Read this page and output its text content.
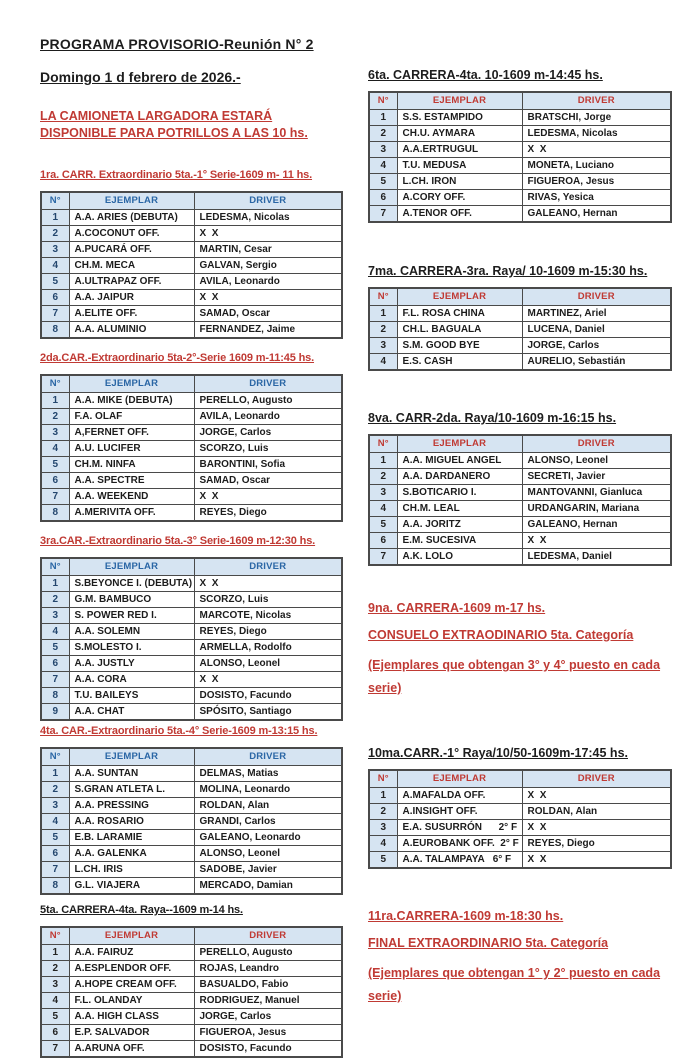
PROGRAMA PROVISORIO-Reunión N° 2
Domingo 1 d febrero de 2026.-

LA CAMIONETA LARGADORA ESTARÁ DISPONIBLE PARA POTRILLOS A LAS 10 hs.

1ra. CARR. Extraordinario 5ta.-1° Serie-1609 m- 11 hs.
N°	EJEMPLAR	DRIVER
1	A.A. ARIES (DEBUTA)	LEDESMA, Nicolas
2	A.COCONUT OFF.	X  X
3	A.PUCARÁ OFF.	MARTIN, Cesar
4	CH.M. MECA	GALVAN, Sergio
5	A.ULTRAPAZ OFF.	AVILA, Leonardo
6	A.A. JAIPUR	X  X
7	A.ELITE OFF.	SAMAD, Oscar
8	A.A. ALUMINIO	FERNANDEZ, Jaime
2da.CAR.-Extraordinario 5ta-2°-Serie 1609 m-11:45 hs.
N°	EJEMPLAR	DRIVER
1	A.A. MIKE (DEBUTA)	PERELLO, Augusto
2	F.A. OLAF	AVILA, Leonardo
3	A,FERNET OFF.	JORGE, Carlos
4	A.U. LUCIFER	SCORZO, Luis
5	CH.M. NINFA	BARONTINI, Sofia
6	A.A. SPECTRE	SAMAD, Oscar
7	A.A. WEEKEND	X  X
8	A.MERIVITA OFF.	REYES, Diego
3ra.CAR.-Extraordinario 5ta.-3° Serie-1609 m-12:30 hs.
N°	EJEMPLAR	DRIVER
1	S.BEYONCE I. (DEBUTA)	X  X
2	G.M. BAMBUCO	SCORZO, Luis
3	S. POWER RED I.	MARCOTE, Nicolas
4	A.A. SOLEMN	REYES, Diego
5	S.MOLESTO I.	ARMELLA, Rodolfo
6	A.A. JUSTLY	ALONSO, Leonel
7	A.A. CORA	X  X
8	T.U. BAILEYS	DOSISTO, Facundo
9	A.A. CHAT	SPÓSITO, Santiago
4ta. CAR.-Extraordinario 5ta.-4° Serie-1609 m-13:15 hs.
N°	EJEMPLAR	DRIVER
1	A.A. SUNTAN	DELMAS, Matias
2	S.GRAN ATLETA L.	MOLINA, Leonardo
3	A.A. PRESSING	ROLDAN, Alan
4	A.A. ROSARIO	GRANDI, Carlos
5	E.B. LARAMIE	GALEANO, Leonardo
6	A.A. GALENKA	ALONSO, Leonel
7	L.CH. IRIS	SADOBE, Javier
8	G.L. VIAJERA	MERCADO, Damian
5ta. CARRERA-4ta. Raya--1609 m-14 hs.
N°	EJEMPLAR	DRIVER
1	A.A. FAIRUZ	PERELLO, Augusto
2	A.ESPLENDOR OFF.	ROJAS, Leandro
3	A.HOPE CREAM OFF.	BASUALDO, Fabio
4	F.L. OLANDAY	RODRIGUEZ, Manuel
5	A.A. HIGH CLASS	JORGE, Carlos
6	E.P. SALVADOR	FIGUEROA, Jesus
7	A.ARUNA OFF.	DOSISTO, Facundo
6ta. CARRERA-4ta. 10-1609 m-14:45 hs.
N°	EJEMPLAR	DRIVER
1	S.S. ESTAMPIDO	BRATSCHI, Jorge
2	CH.U. AYMARA	LEDESMA, Nicolas
3	A.A.ERTRUGUL	X  X
4	T.U. MEDUSA	MONETA, Luciano
5	L.CH. IRON	FIGUEROA, Jesus
6	A.CORY OFF.	RIVAS, Yesica
7	A.TENOR OFF.	GALEANO, Hernan
7ma. CARRERA-3ra. Raya/ 10-1609 m-15:30 hs.
N°	EJEMPLAR	DRIVER
1	F.L. ROSA CHINA	MARTINEZ, Ariel
2	CH.L. BAGUALA	LUCENA, Daniel
3	S.M. GOOD BYE	JORGE, Carlos
4	E.S. CASH	AURELIO, Sebastián
8va. CARR-2da. Raya/10-1609 m-16:15 hs.
N°	EJEMPLAR	DRIVER
1	A.A. MIGUEL ANGEL	ALONSO, Leonel
2	A.A. DARDANERO	SECRETI, Javier
3	S.BOTICARIO I.	MANTOVANNI, Gianluca
4	CH.M. LEAL	URDANGARIN, Mariana
5	A.A. JORITZ	GALEANO, Hernan
6	E.M. SUCESIVA	X  X
7	A.K. LOLO	LEDESMA, Daniel
9na. CARRERA-1609 m-17 hs.
CONSUELO EXTRAODINARIO 5ta. Categoría

(Ejemplares que obtengan 3° y 4° puesto en cada serie)

10ma.CARR.-1° Raya/10/50-1609m-17:45 hs.
N°	EJEMPLAR	DRIVER
1	A.MAFALDA OFF.	X  X
2	A.INSIGHT OFF.	ROLDAN, Alan
3	E.A. SUSURRÓN      2° F	X  X
4	A.EUROBANK OFF.  2° F	REYES, Diego
5	A.A. TALAMPAYA   6° F	X  X
11ra.CARRERA-1609 m-18:30 hs.
FINAL EXTRAORDINARIO 5ta. Categoría

(Ejemplares que obtengan 1° y 2° puesto en cada serie)
